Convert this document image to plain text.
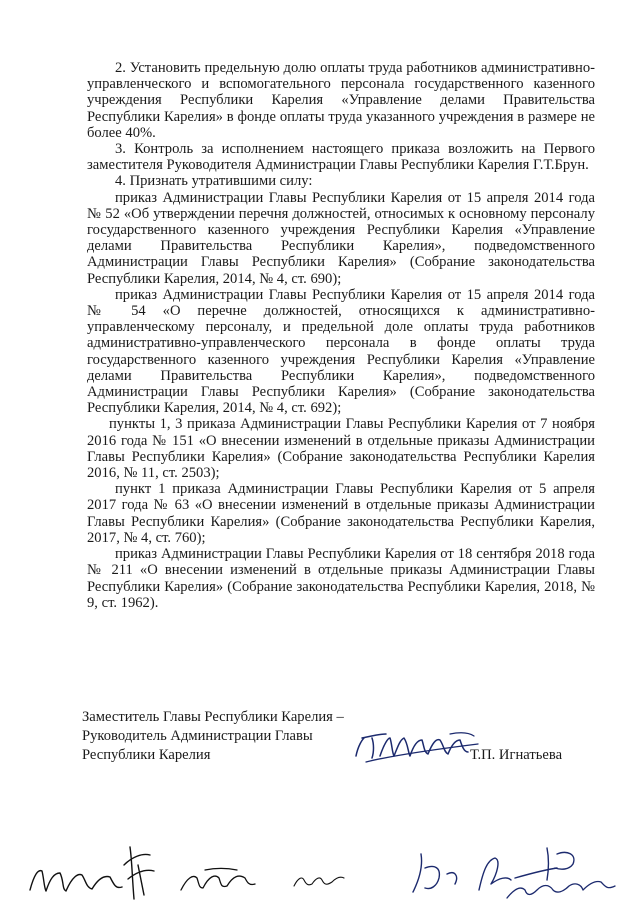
2. Установить предельную долю оплаты труда работников административно-управленческого и вспомогательного персонала государственного казенного учреждения Республики Карелия «Управление делами Правительства Республики Карелия» в фонде оплаты труда указанного учреждения в размере не более 40%.

3. Контроль за исполнением настоящего приказа возложить на Первого заместителя Руководителя Администрации Главы Республики Карелия Г.Т.Брун.

4. Признать утратившими силу:

приказ Администрации Главы Республики Карелия от 15 апреля 2014 года № 52 «Об утверждении перечня должностей, относимых к основному персоналу государственного казенного учреждения Республики Карелия «Управление делами Правительства Республики Карелия», подведомственного Администрации Главы Республики Карелия» (Собрание законодательства Республики Карелия, 2014, № 4, ст. 690);

приказ Администрации Главы Республики Карелия от 15 апреля 2014 года № 54 «О перечне должностей, относящихся к административно-управленческому персоналу, и предельной доле оплаты труда работников административно-управленческого персонала в фонде оплаты труда государственного казенного учреждения Республики Карелия «Управление делами Правительства Республики Карелия», подведомственного Администрации Главы Республики Карелия» (Собрание законодательства Республики Карелия, 2014, № 4, ст. 692);

пункты 1, 3 приказа Администрации Главы Республики Карелия от 7 ноября 2016 года № 151 «О внесении изменений в отдельные приказы Администрации Главы Республики Карелия» (Собрание законодательства Республики Карелия 2016, № 11, ст. 2503);

пункт 1 приказа Администрации Главы Республики Карелия от 5 апреля 2017 года № 63 «О внесении изменений в отдельные приказы Администрации Главы Республики Карелия» (Собрание законодательства Республики Карелия, 2017, № 4, ст. 760);

приказ Администрации Главы Республики Карелия от 18 сентября 2018 года № 211 «О внесении изменений в отдельные приказы Администрации Главы Республики Карелия» (Собрание законодательства Республики Карелия, 2018, № 9, ст. 1962).

Заместитель Главы Республики Карелия –
Руководитель Администрации Главы
Республики Карелия	Т.П. Игнатьева
